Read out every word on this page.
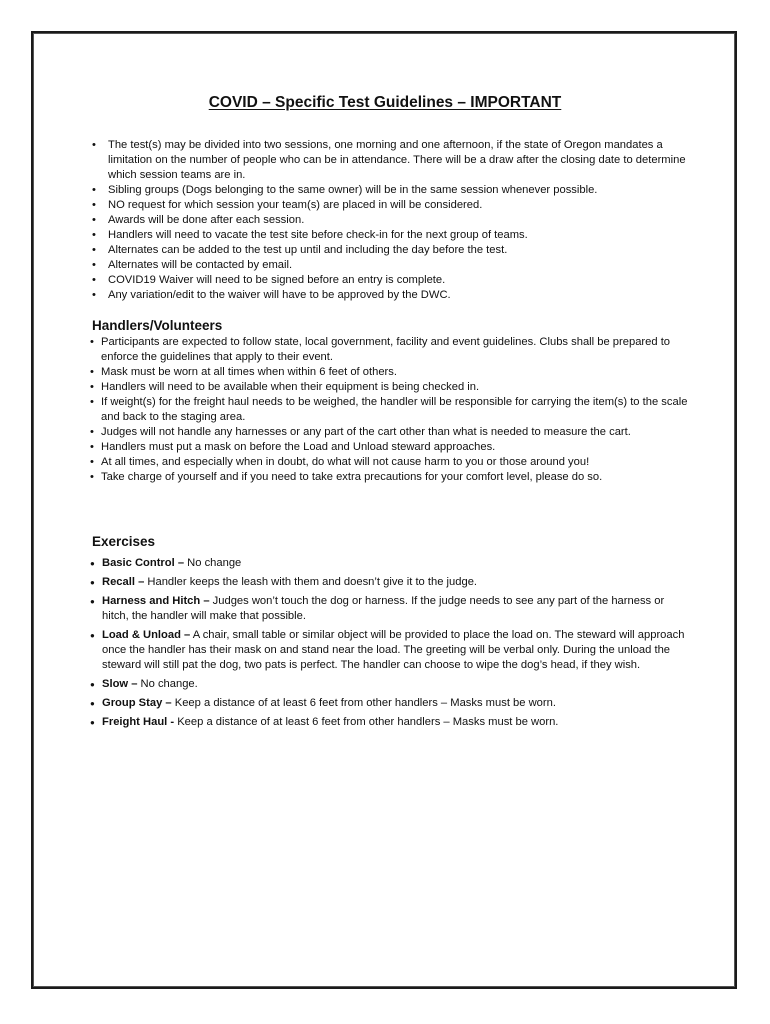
COVID – Specific Test Guidelines – IMPORTANT
• The test(s) may be divided into two sessions, one morning and one afternoon, if the state of Oregon mandates a limitation on the number of people who can be in attendance. There will be a draw after the closing date to determine which session teams are in.
• Sibling groups (Dogs belonging to the same owner) will be in the same session whenever possible.
• NO request for which session your team(s) are placed in will be considered.
• Awards will be done after each session.
• Handlers will need to vacate the test site before check-in for the next group of teams.
• Alternates can be added to the test up until and including the day before the test.
• Alternates will be contacted by email.
• COVID19 Waiver will need to be signed before an entry is complete.
• Any variation/edit to the waiver will have to be approved by the DWC.
Handlers/Volunteers
• Participants are expected to follow state, local government, facility and event guidelines. Clubs shall be prepared to enforce the guidelines that apply to their event.
• Mask must be worn at all times when within 6 feet of others.
• Handlers will need to be available when their equipment is being checked in.
• If weight(s) for the freight haul needs to be weighed, the handler will be responsible for carrying the item(s) to the scale and back to the staging area.
• Judges will not handle any harnesses or any part of the cart other than what is needed to measure the cart.
• Handlers must put a mask on before the Load and Unload steward approaches.
• At all times, and especially when in doubt, do what will not cause harm to you or those around you!
• Take charge of yourself and if you need to take extra precautions for your comfort level, please do so.
Exercises
● Basic Control – No change
● Recall – Handler keeps the leash with them and doesn’t give it to the judge.
● Harness and Hitch – Judges won’t touch the dog or harness. If the judge needs to see any part of the harness or hitch, the handler will make that possible.
● Load & Unload – A chair, small table or similar object will be provided to place the load on. The steward will approach once the handler has their mask on and stand near the load. The greeting will be verbal only. During the unload the steward will still pat the dog, two pats is perfect. The handler can choose to wipe the dog’s head, if they wish.
● Slow – No change.
● Group Stay – Keep a distance of at least 6 feet from other handlers – Masks must be worn.
● Freight Haul - Keep a distance of at least 6 feet from other handlers – Masks must be worn.
